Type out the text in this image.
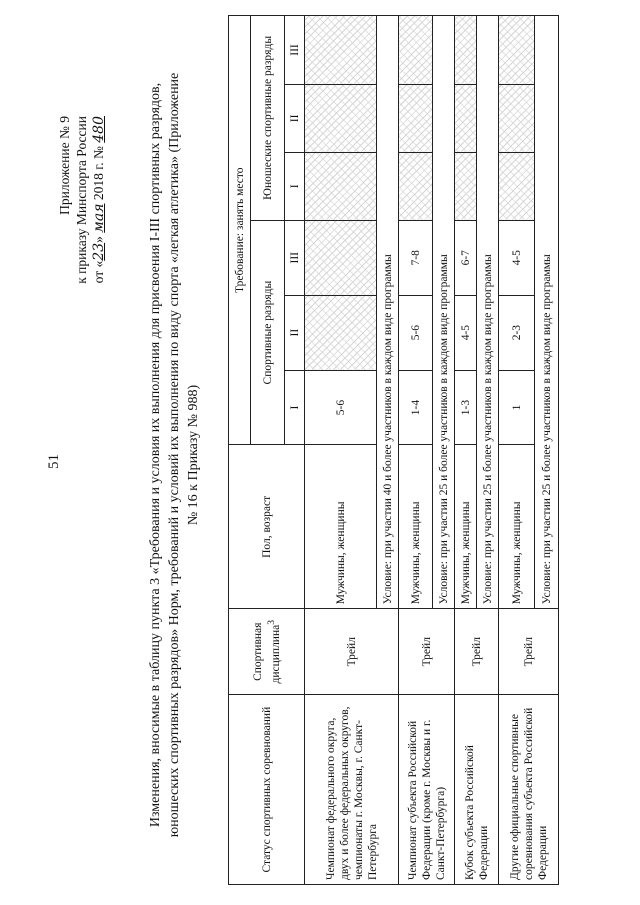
51
Приложение № 9 к приказу Минспорта России от «23» мая 2018 г. № 480	Изменения, вносимые в таблицу пункта 3 «Требования и условия их выполнения для присвоения I-III спортивных разрядов, юношеских спортивных разрядов» Норм, требований и условий их выполнения по виду спорта «легкая атлетика» (Приложение № 16 к Приказу № 988)
Статус спортивных соревнований	Спортивная дисциплина$^3$	Пол, возраст	Требование: занять место					
			Спортивные разряды			Юношеские спортивные разряды		
			I	II	III	I	II	III
Чемпионат федерального округа, двух и более федеральных округов, чемпионаты г. Москвы, г. Санкт-Петербурга	Трейл	Мужчины, женщины	5-6					
		Условие: при участии 40 и более участников в каждом виде программы						
Чемпионат субъекта Российской Федерации (кроме г. Москвы и г. Санкт-Петербурга)	Трейл	Мужчины, женщины	1-4	5-6	7-8			
		Условие: при участии 25 и более участников в каждом виде программы						
Кубок субъекта Российской Федерации	Трейл	Мужчины, женщины	1-3	4-5	6-7			
		Условие: при участии 25 и более участников в каждом виде программы						
Другие официальные спортивные соревнования субъекта Российской Федерации	Трейл	Мужчины, женщины	1	2-3	4-5			
		Условие: при участии 25 и более участников в каждом виде программы						
